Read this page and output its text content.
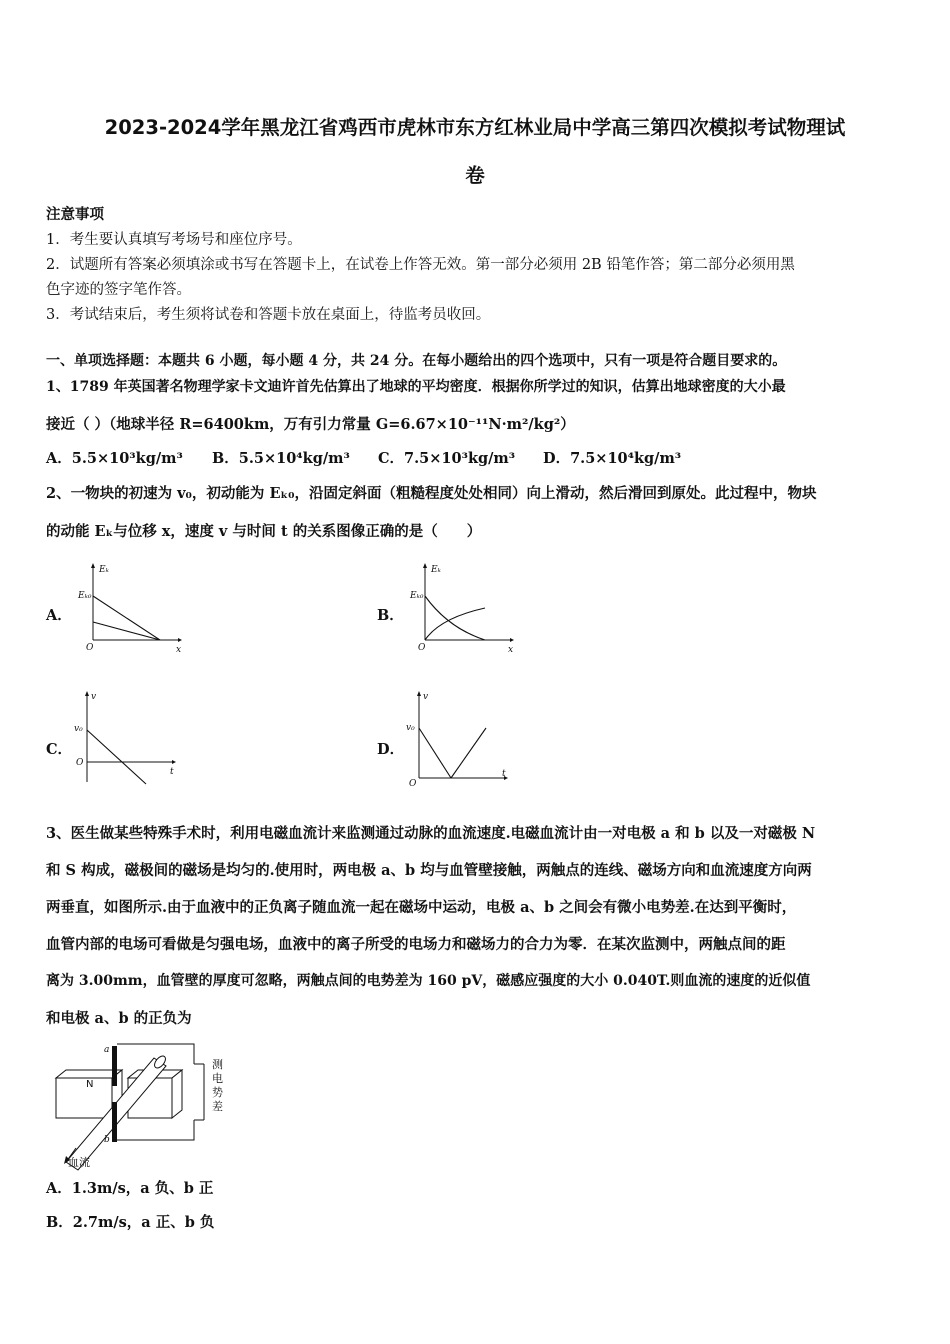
2023-2024学年黑龙江省鸡西市虎林市东方红林业局中学高三第四次模拟考试物理试
卷
注意事项
1．考生要认真填写考场号和座位序号。
2．试题所有答案必须填涂或书写在答题卡上，在试卷上作答无效。第一部分必须用 2B 铅笔作答；第二部分必须用黑
色字迹的签字笔作答。
3．考试结束后，考生须将试卷和答题卡放在桌面上，待监考员收回。
一、单项选择题：本题共 6 小题，每小题 4 分，共 24 分。在每小题给出的四个选项中，只有一项是符合题目要求的。
1、1789 年英国著名物理学家卡文迪许首先估算出了地球的平均密度．根据你所学过的知识，估算出地球密度的大小最
接近（ ）（地球半径 R=6400km，万有引力常量 G=6.67×10⁻¹¹N·m²/kg²）
A．5.5×10³kg/m³ B．5.5×10⁴kg/m³ C．7.5×10³kg/m³ D．7.5×10⁴kg/m³
2、一物块的初速为 v₀，初动能为 Eₖ₀，沿固定斜面（粗糙程度处处相同）向上滑动，然后滑回到原处。此过程中，物块
的动能 Eₖ与位移 x，速度 v 与时间 t 的关系图像正确的是（　　）
A．
Eₖ
Eₖ₀
O	x
B．
Eₖ
Eₖ₀
O	x
C．
v
v₀
O
t
D．
v
v₀
O
t
3、医生做某些特殊手术时，利用电磁血流计来监测通过动脉的血流速度.电磁血流计由一对电极 a 和 b 以及一对磁极 N
和 S 构成，磁极间的磁场是均匀的.使用时，两电极 a、b 均与血管壁接触，两触点的连线、磁场方向和血流速度方向两
两垂直，如图所示.由于血液中的正负离子随血流一起在磁场中运动，电极 a、b 之间会有微小电势差.在达到平衡时，
血管内部的电场可看做是匀强电场，血液中的离子所受的电场力和磁场力的合力为零．在某次监测中，两触点间的距
离为 3.00mm，血管壁的厚度可忽略，两触点间的电势差为 160 pV，磁感应强度的大小 0.040T.则血流的速度的近似值
和电极 a、b 的正负为
N
a
b
测
电
势
差
血流
A．1.3m/s，a 负、b 正
B．2.7m/s，a 正、b 负
